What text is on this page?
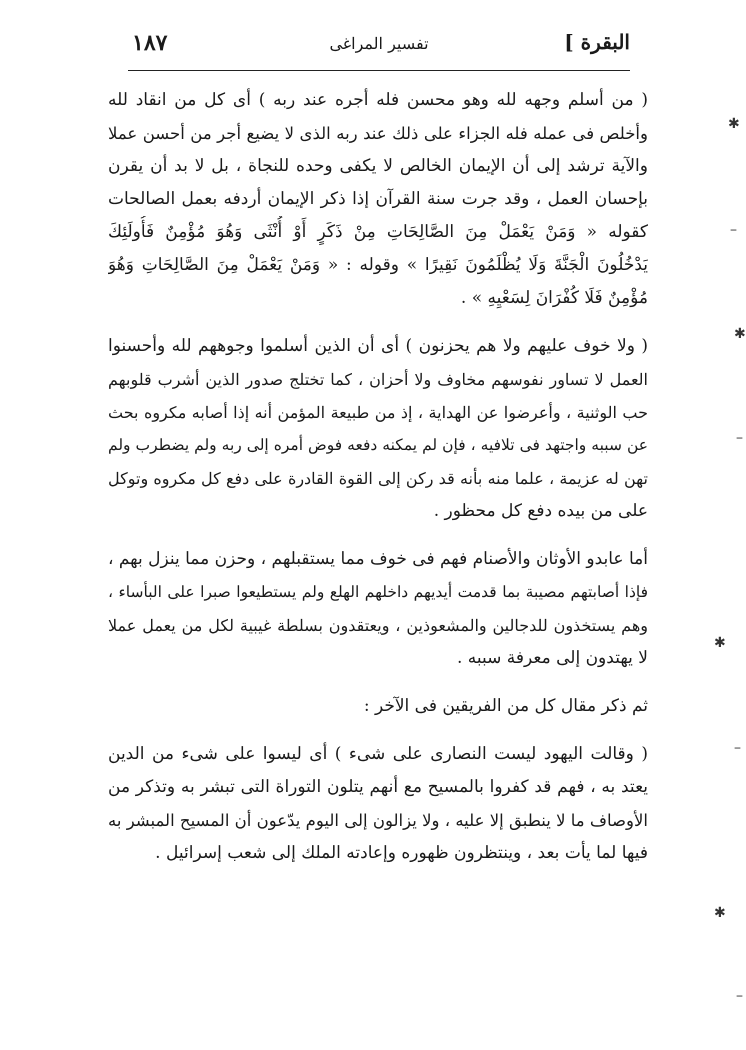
١٨٧	تفسير المراغى	البقرة ]
( من أسلم وجهه لله وهو محسن فله أجره عند ربه ) أى كل من انقاد لله
وأخلص فى عمله فله الجزاء على ذلك عند ربه الذى لا يضيع أجر من أحسن عملا
والآية ترشد إلى أن الإيمان الخالص لا يكفى وحده للنجاة ، بل لا بد أن يقرن
بإحسان العمل ، وقد جرت سنة القرآن إذا ذكر الإيمان أردفه بعمل الصالحات
كقوله « وَمَنْ يَعْمَلْ مِنَ الصَّالِحَاتِ مِنْ ذَكَرٍ أَوْ أُنْثَى وَهُوَ مُؤْمِنٌ فَأُولَئِكَ
يَدْخُلُونَ الْجَنَّةَ وَلَا يُظْلَمُونَ نَقِيرًا » وقوله : « وَمَنْ يَعْمَلْ مِنَ الصَّالِحَاتِ وَهُوَ
مُؤْمِنٌ فَلَا كُفْرَانَ لِسَعْيِهِ » .
( ولا خوف عليهم ولا هم يحزنون ) أى أن الذين أسلموا وجوههم لله وأحسنوا
العمل لا تساور نفوسهم مخاوف ولا أحزان ، كما تختلج صدور الذين أشرب قلوبهم
حب الوثنية ، وأعرضوا عن الهداية ، إذ من طبيعة المؤمن أنه إذا أصابه مكروه بحث
عن سببه واجتهد فى تلافيه ، فإن لم يمكنه دفعه فوض أمره إلى ربه ولم يضطرب ولم
تهن له عزيمة ، علما منه بأنه قد ركن إلى القوة القادرة على دفع كل مكروه وتوكل
على من بيده دفع كل محظور .
أما عابدو الأوثان والأصنام فهم فى خوف مما يستقبلهم ، وحزن مما ينزل بهم ،
فإذا أصابتهم مصيبة بما قدمت أيديهم داخلهم الهلع ولم يستطيعوا صبرا على البأساء ،
وهم يستخذون للدجالين والمشعوذين ، ويعتقدون بسلطة غيبية لكل من يعمل عملا
لا يهتدون إلى معرفة سببه .
ثم ذكر مقال كل من الفريقين فى الآخر :
( وقالت اليهود ليست النصارى على شىء ) أى ليسوا على شىء من الدين
يعتد به ، فهم قد كفروا بالمسيح مع أنهم يتلون التوراة التى تبشر به وتذكر من
الأوصاف ما لا ينطبق إلا عليه ، ولا يزالون إلى اليوم يدّعون أن المسيح المبشر به
فيها لما يأت بعد ، وينتظرون ظهوره وإعادته الملك إلى شعب إسرائيل .
✱
–
✱
–
✱
–
✱
–
